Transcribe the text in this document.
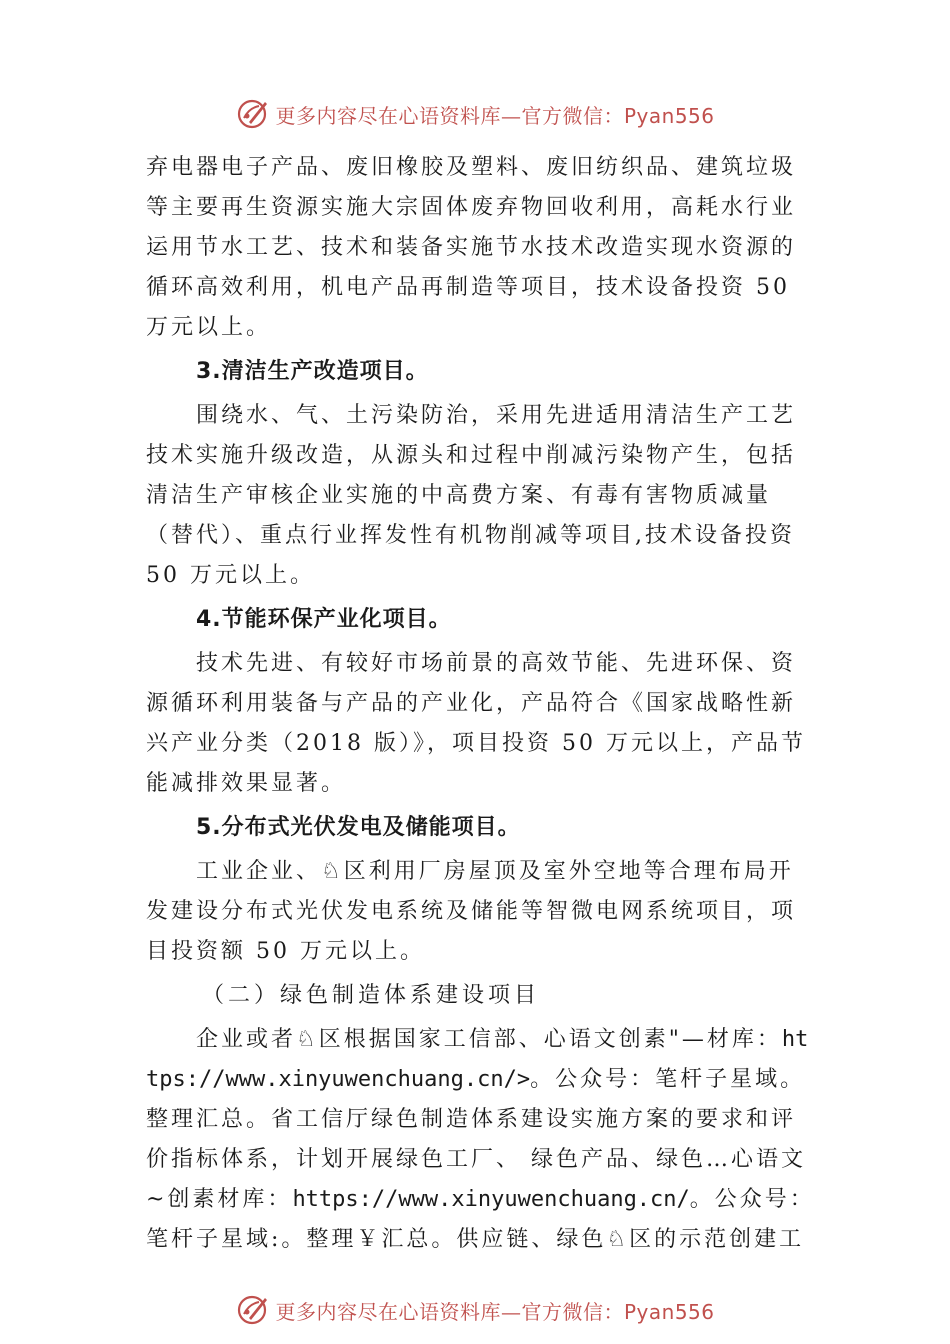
更多内容尽在心语资料库—官方微信：Pyan556

弃电器电子产品、废旧橡胶及塑料、废旧纺织品、建筑垃圾等主要再生资源实施大宗固体废弃物回收利用，高耗水行业运用节水工艺、技术和装备实施节水技术改造实现水资源的循环高效利用，机电产品再制造等项目，技术设备投资 50 万元以上。

3.清洁生产改造项目。

围绕水、气、土污染防治，采用先进适用清洁生产工艺技术实施升级改造，从源头和过程中削减污染物产生，包括清洁生产审核企业实施的中高费方案、有毒有害物质减量（替代）、重点行业挥发性有机物削减等项目,技术设备投资 50 万元以上。

4.节能环保产业化项目。

技术先进、有较好市场前景的高效节能、先进环保、资源循环利用装备与产品的产业化，产品符合《国家战略性新兴产业分类（2018 版）》，项目投资 50 万元以上，产品节能减排效果显著。

5.分布式光伏发电及储能项目。

工业企业、♘区利用厂房屋顶及室外空地等合理布局开发建设分布式光伏发电系统及储能等智微电网系统项目，项目投资额 50 万元以上。

（二）绿色制造体系建设项目

企业或者♘区根据国家工信部、心语文创素"—材库：https://www.xinyuwenchuang.cn/>。公众号：笔杆子星域。整理汇总。省工信厅绿色制造体系建设实施方案的要求和评价指标体系，计划开展绿色工厂、 绿色产品、绿色…心语文~创素材库：https://www.xinyuwenchuang.cn/。公众号：笔杆子星域:。整理￥汇总。供应链、绿色♘区的示范创建工

更多内容尽在心语资料库—官方微信：Pyan556
